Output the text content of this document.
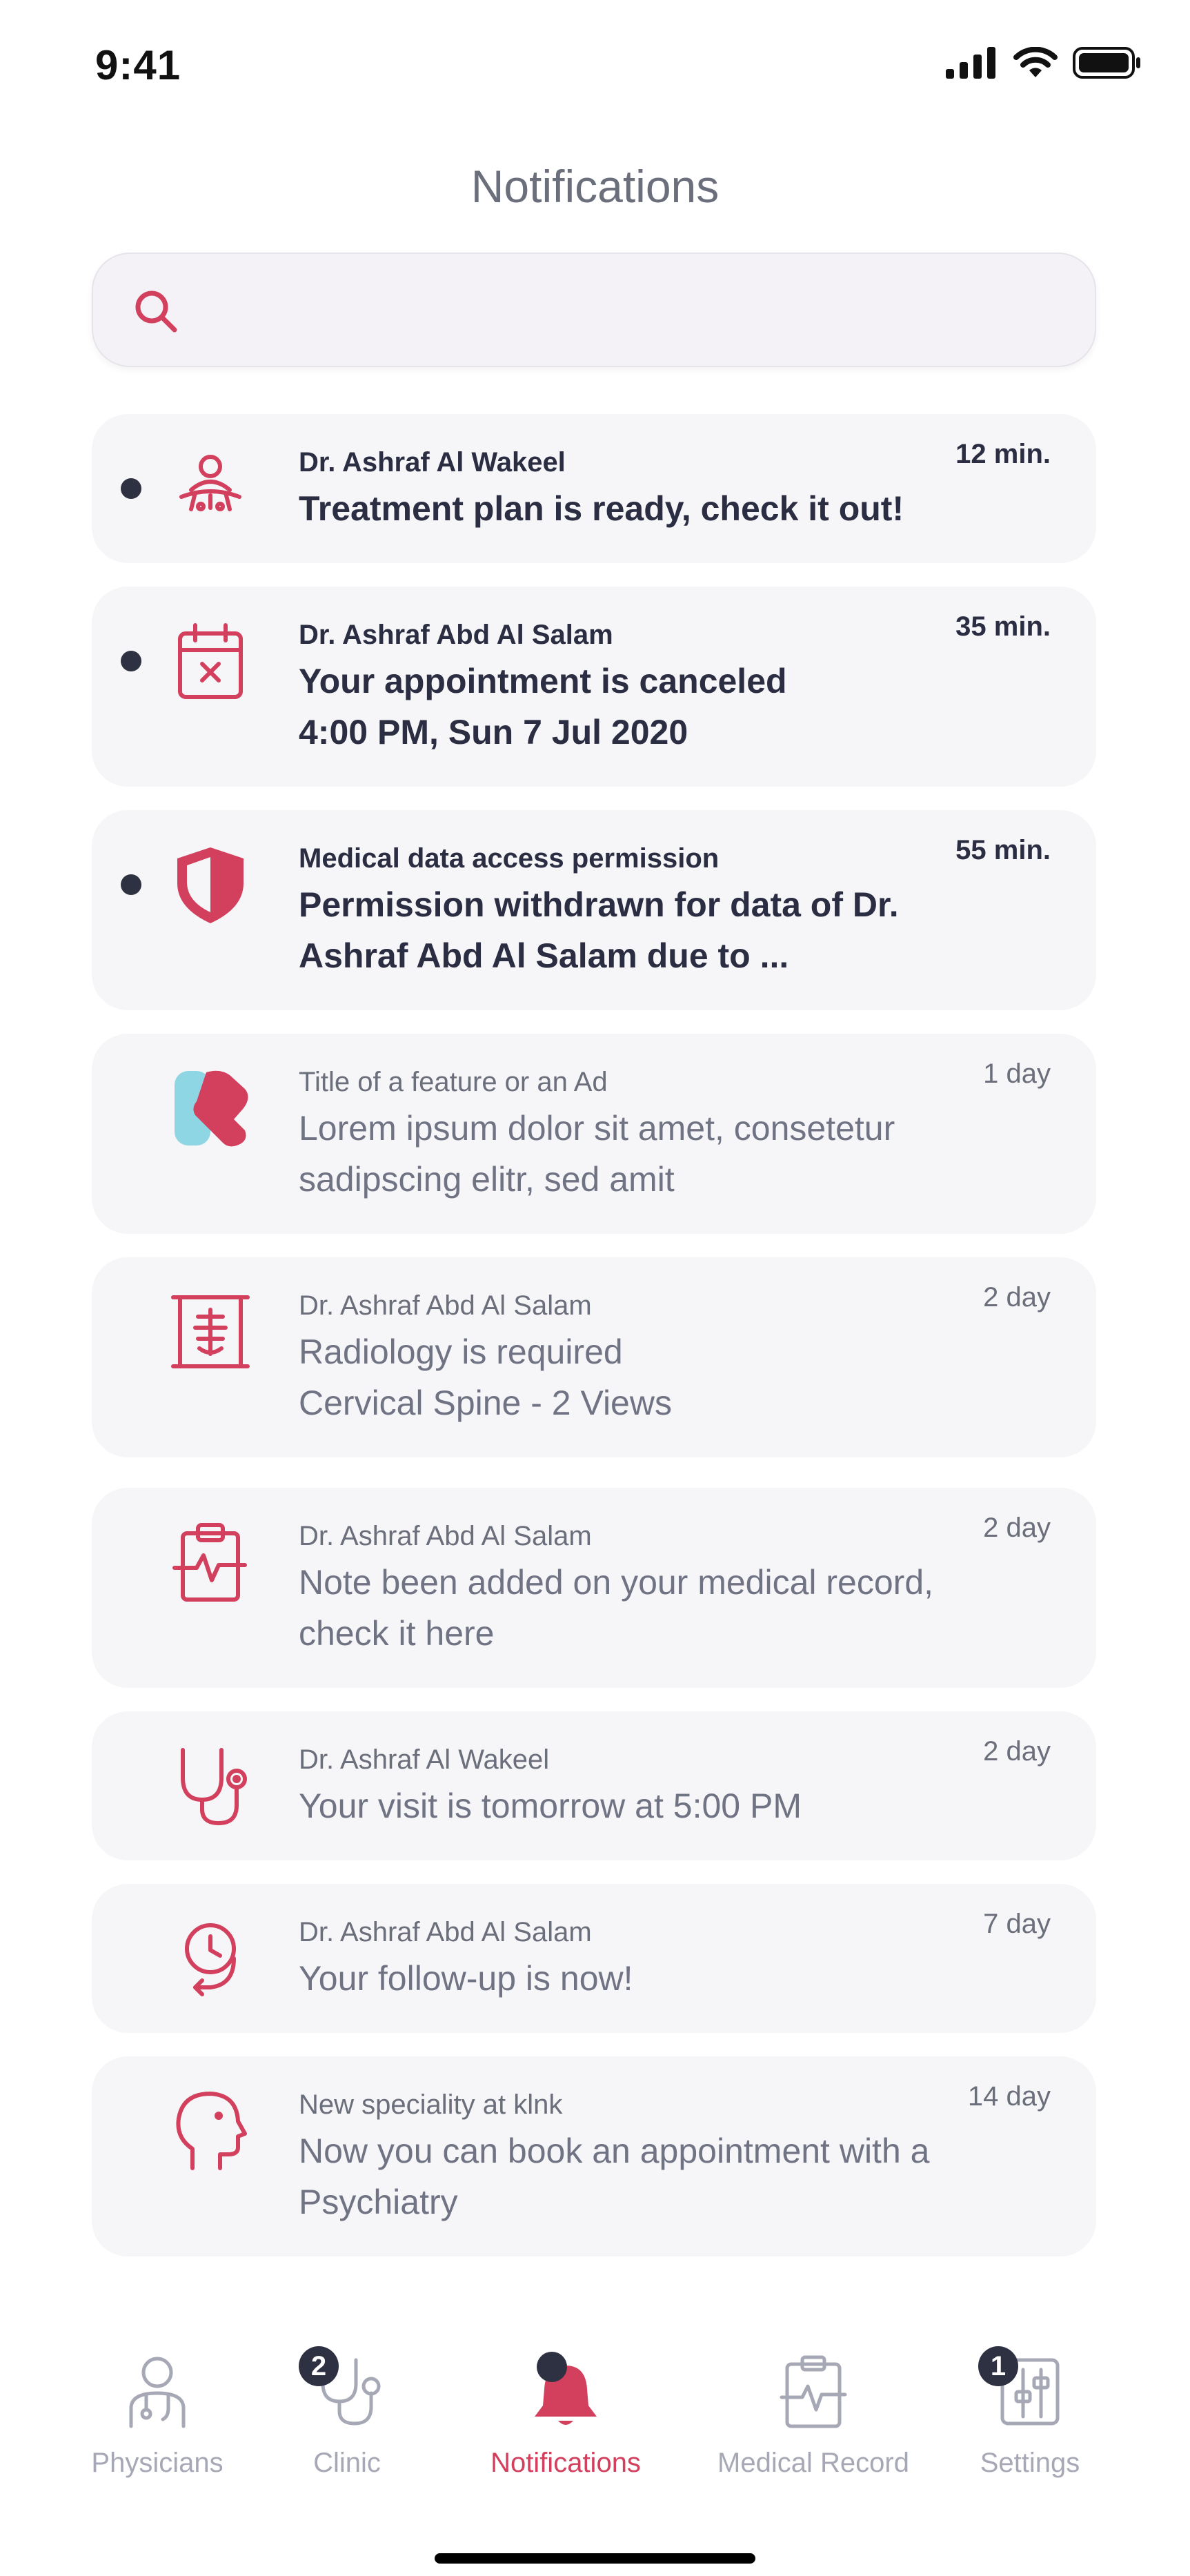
9:41
Notifications
Dr. Ashraf Al Wakeel
Treatment plan is ready, check it out!
12 min.
Dr. Ashraf Abd Al Salam
Your appointment is canceled
4:00 PM, Sun 7 Jul 2020
35 min.
Medical data access permission
Permission withdrawn for data of Dr. Ashraf Abd Al Salam due to ...
55 min.
Title of a feature or an Ad
Lorem ipsum dolor sit amet, consetetur sadipscing elitr, sed amit
1 day
Dr. Ashraf Abd Al Salam
Radiology is required
Cervical Spine - 2 Views
2 day
Dr. Ashraf Abd Al Salam
Note been added on your medical record, check it here
2 day
Dr. Ashraf Al Wakeel
Your visit is tomorrow at 5:00 PM
2 day
Dr. Ashraf Abd Al Salam
Your follow-up is now!
7 day
New speciality at klnk
Now you can book an appointment with a Psychiatry
14 day
Physicians
2
Clinic	Notifications	Medical Record
1
Settings
